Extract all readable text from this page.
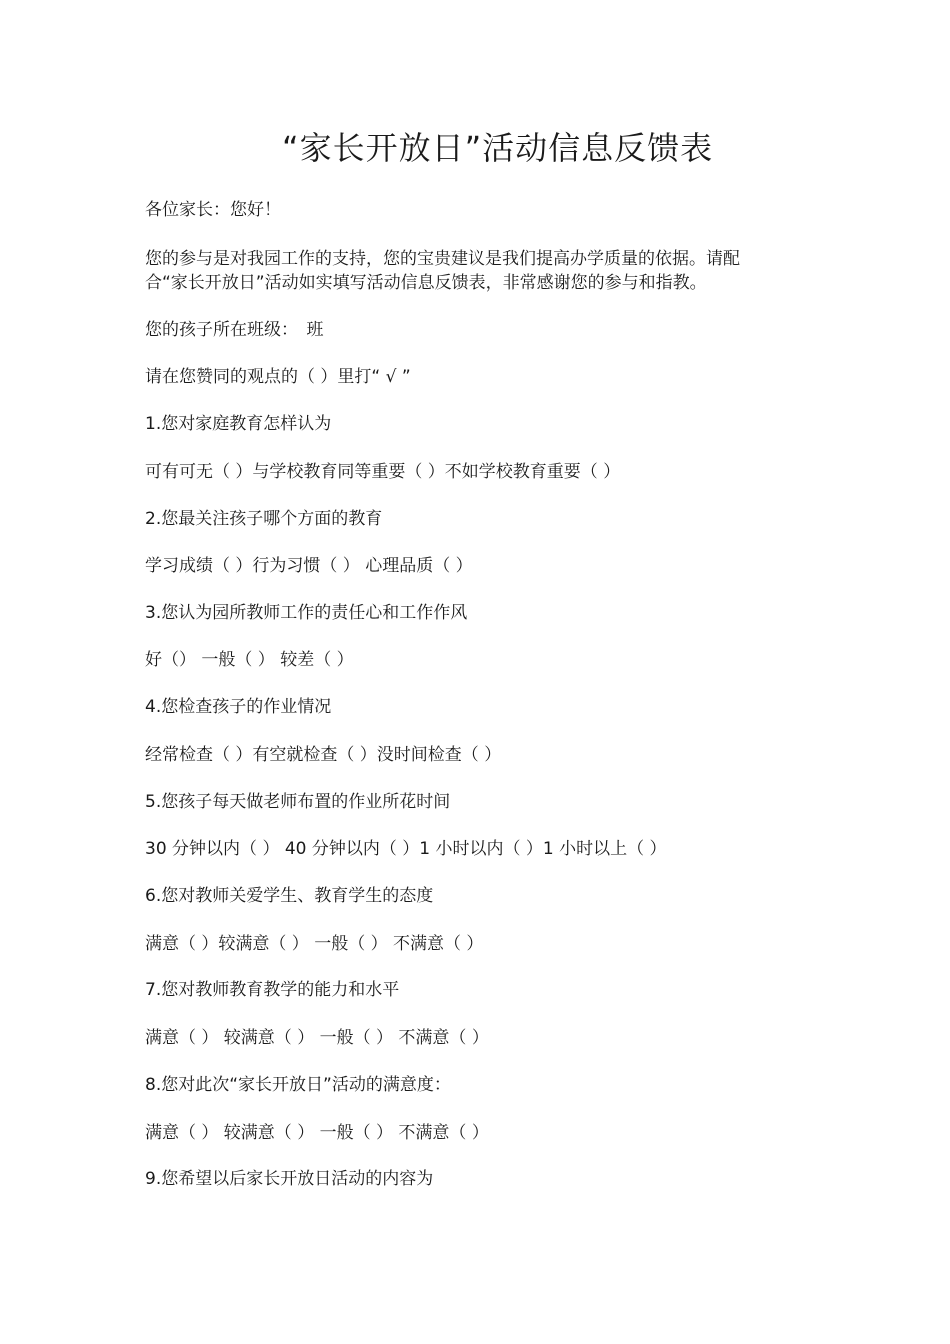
“家长开放日”活动信息反馈表

各位家长：您好！

您的参与是对我园工作的支持，您的宝贵建议是我们提高办学质量的依据。请配

合“家长开放日”活动如实填写活动信息反馈表，非常感谢您的参与和指教。

您的孩子所在班级：　班

请在您赞同的观点的（ ）里打“ √ ”

1.您对家庭教育怎样认为

可有可无（ ）与学校教育同等重要（ ）不如学校教育重要（ ）

2.您最关注孩子哪个方面的教育

学习成绩（ ）行为习惯（ ） 心理品质（ ）

3.您认为园所教师工作的责任心和工作作风

好（） 一般（ ） 较差（ ）

4.您检查孩子的作业情况

经常检查（ ）有空就检查（ ）没时间检查（ ）

5.您孩子每天做老师布置的作业所花时间

30 分钟以内（ ） 40 分钟以内（ ）1 小时以内（ ）1 小时以上（ ）

6.您对教师关爱学生、教育学生的态度

满意（ ）较满意（ ） 一般（ ） 不满意（ ）

7.您对教师教育教学的能力和水平

满意（ ） 较满意（ ） 一般（ ） 不满意（ ）

8.您对此次“家长开放日”活动的满意度：

满意（ ） 较满意（ ） 一般（ ） 不满意（ ）

9.您希望以后家长开放日活动的内容为
